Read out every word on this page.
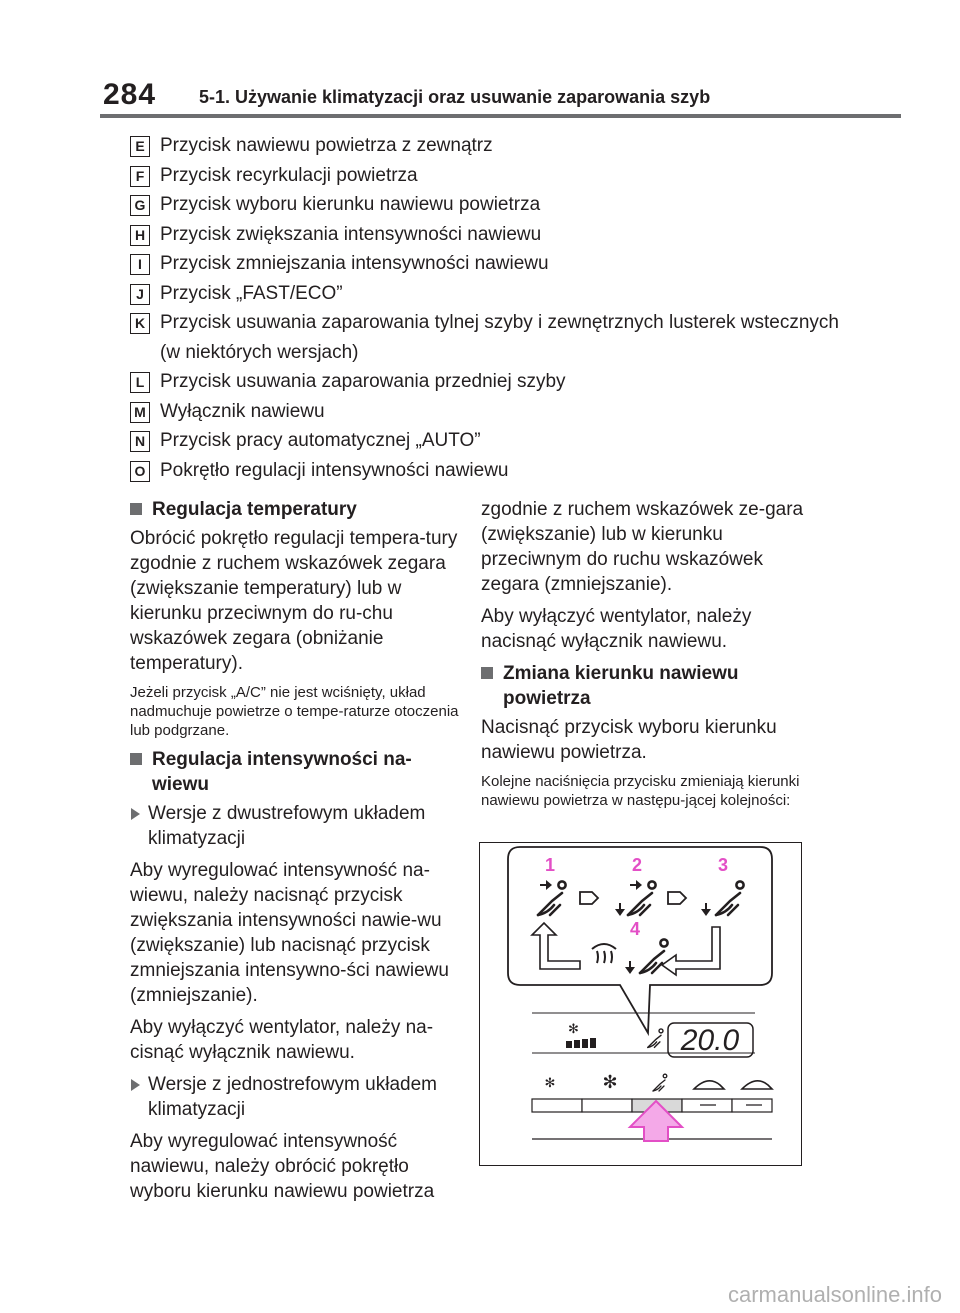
284 5-1. Używanie klimatyzacji oraz usuwanie zaparowania szyb
E Przycisk nawiewu powietrza z zewnątrz
F Przycisk recyrkulacji powietrza
G Przycisk wyboru kierunku nawiewu powietrza
H Przycisk zwiększania intensywności nawiewu
I Przycisk zmniejszania intensywności nawiewu
J Przycisk „FAST/ECO”
K Przycisk usuwania zaparowania tylnej szyby i zewnętrznych lusterek wstecznych (w niektórych wersjach)
L Przycisk usuwania zaparowania przedniej szyby
M Wyłącznik nawiewu
N Przycisk pracy automatycznej „AUTO”
O Pokrętło regulacji intensywności nawiewu
Regulacja temperatury
Obrócić pokrętło regulacji tempera-tury zgodnie z ruchem wskazówek zegara (zwiększanie temperatury) lub w kierunku przeciwnym do ru-chu wskazówek zegara (obniżanie temperatury).
Jeżeli przycisk „A/C” nie jest wciśnięty, układ nadmuchuje powietrze o tempe-raturze otoczenia lub podgrzane.
Regulacja intensywności na-wiewu
Wersje z dwustrefowym układem klimatyzacji
Aby wyregulować intensywność na-wiewu, należy nacisnąć przycisk zwiększania intensywności nawie-wu (zwiększanie) lub nacisnąć przycisk zmniejszania intensywno-ści nawiewu (zmniejszanie).
Aby wyłączyć wentylator, należy na-cisnąć wyłącznik nawiewu.
Wersje z jednostrefowym układem klimatyzacji
Aby wyregulować intensywność nawiewu, należy obrócić pokrętło wyboru kierunku nawiewu powietrza
zgodnie z ruchem wskazówek ze-gara (zwiększanie) lub w kierunku przeciwnym do ruchu wskazówek zegara (zmniejszanie).
Aby wyłączyć wentylator, należy nacisnąć wyłącznik nawiewu.
Zmiana kierunku nawiewu powietrza
Nacisnąć przycisk wyboru kierunku nawiewu powietrza.
Kolejne naciśnięcia przycisku zmieniają kierunki nawiewu powietrza w następu-jącej kolejności:
1	2	3
4
✻	20.0
✻	✻
carmanualsonline.info
